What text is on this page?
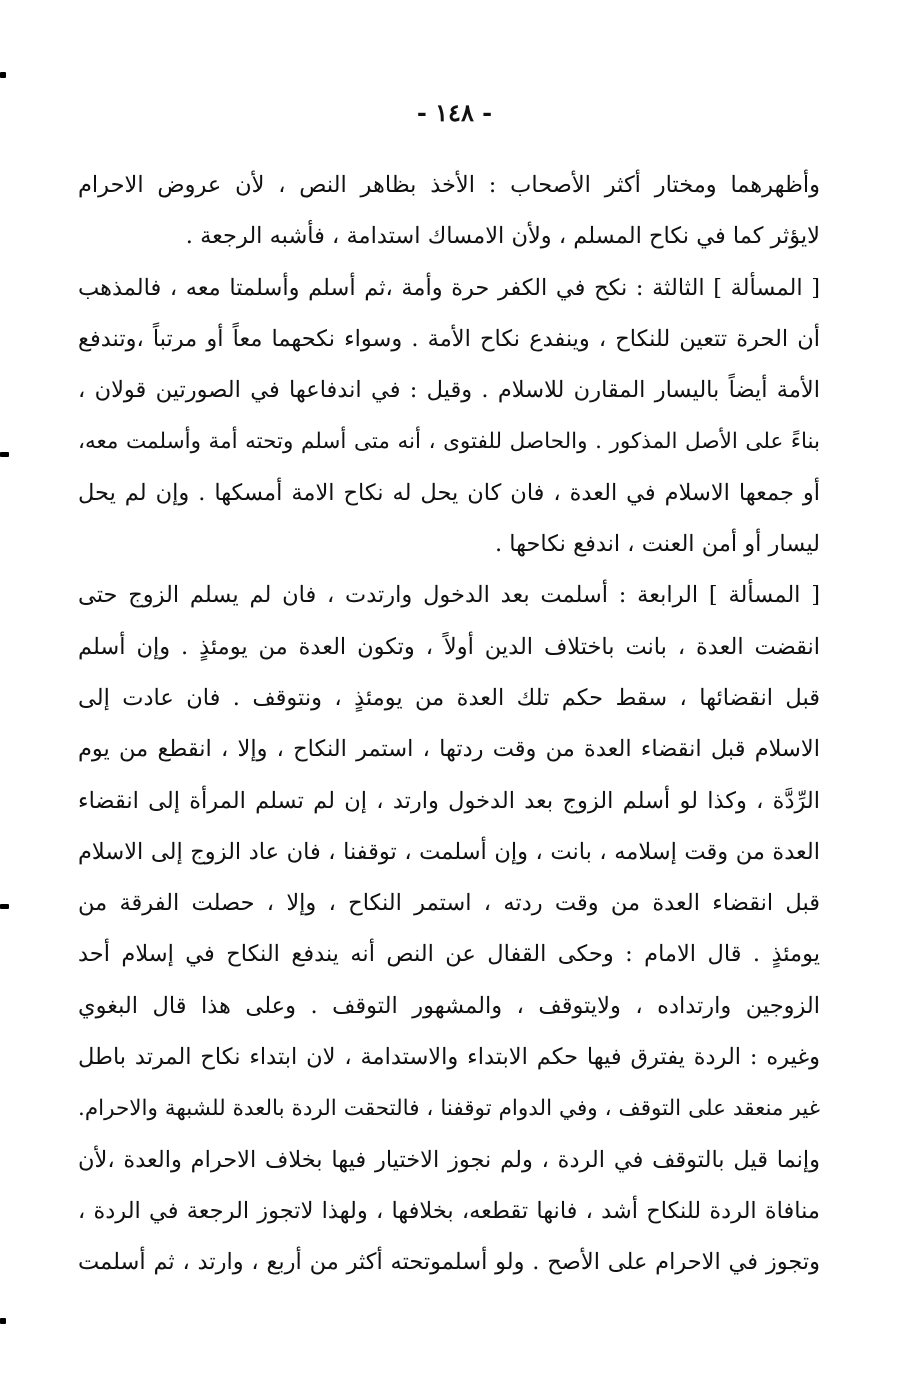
- ١٤٨ -
وأظهرهما ومختار أكثر الأصحاب : الأخذ بظاهر النص ، لأن عروض الاحرام
لايؤثر كما في نكاح المسلم ، ولأن الامساك استدامة ، فأشبه الرجعة .
[ المسألة ] الثالثة : نكح في الكفر حرة وأمة ،ثم أسلم وأسلمتا معه ، فالمذهب
أن الحرة تتعين للنكاح ، وينفدع نكاح الأمة . وسواء نكحهما معاً أو مرتباً ،وتندفع
الأمة أيضاً باليسار المقارن للاسلام . وقيل : في اندفاعها في الصورتين قولان ،
بناءً على الأصل المذكور . والحاصل للفتوى ، أنه متى أسلم وتحته أمة وأسلمت معه،
أو جمعها الاسلام في العدة ، فان كان يحل له نكاح الامة أمسكها . وإن لم يحل
ليسار أو أمن العنت ، اندفع نكاحها .
[ المسألة ] الرابعة : أسلمت بعد الدخول وارتدت ، فان لم يسلم الزوج حتى
انقضت العدة ، بانت باختلاف الدين أولاً ، وتكون العدة من يومئذٍ . وإن أسلم
قبل انقضائها ، سقط حكم تلك العدة من يومئذٍ ، ونتوقف . فان عادت إلى
الاسلام قبل انقضاء العدة من وقت ردتها ، استمر النكاح ، وإلا ، انقطع من يوم
الرِّدَّة ، وكذا لو أسلم الزوج بعد الدخول وارتد ، إن لم تسلم المرأة إلى انقضاء
العدة من وقت إسلامه ، بانت ، وإن أسلمت ، توقفنا ، فان عاد الزوج إلى الاسلام
قبل انقضاء العدة من وقت ردته ، استمر النكاح ، وإلا ، حصلت الفرقة من
يومئذٍ . قال الامام : وحكى القفال عن النص أنه يندفع النكاح في إسلام أحد
الزوجين وارتداده ، ولايتوقف ، والمشهور التوقف . وعلى هذا قال البغوي
وغيره : الردة يفترق فيها حكم الابتداء والاستدامة ، لان ابتداء نكاح المرتد باطل
غير منعقد على التوقف ، وفي الدوام توقفنا ، فالتحقت الردة بالعدة للشبهة والاحرام.
وإنما قيل بالتوقف في الردة ، ولم نجوز الاختيار فيها بخلاف الاحرام والعدة ،لأن
منافاة الردة للنكاح أشد ، فانها تقطعه، بخلافها ، ولهذا لاتجوز الرجعة في الردة ،
وتجوز في الاحرام على الأصح . ولو أسلموتحته أكثر من أربع ، وارتد ، ثم أسلمت
